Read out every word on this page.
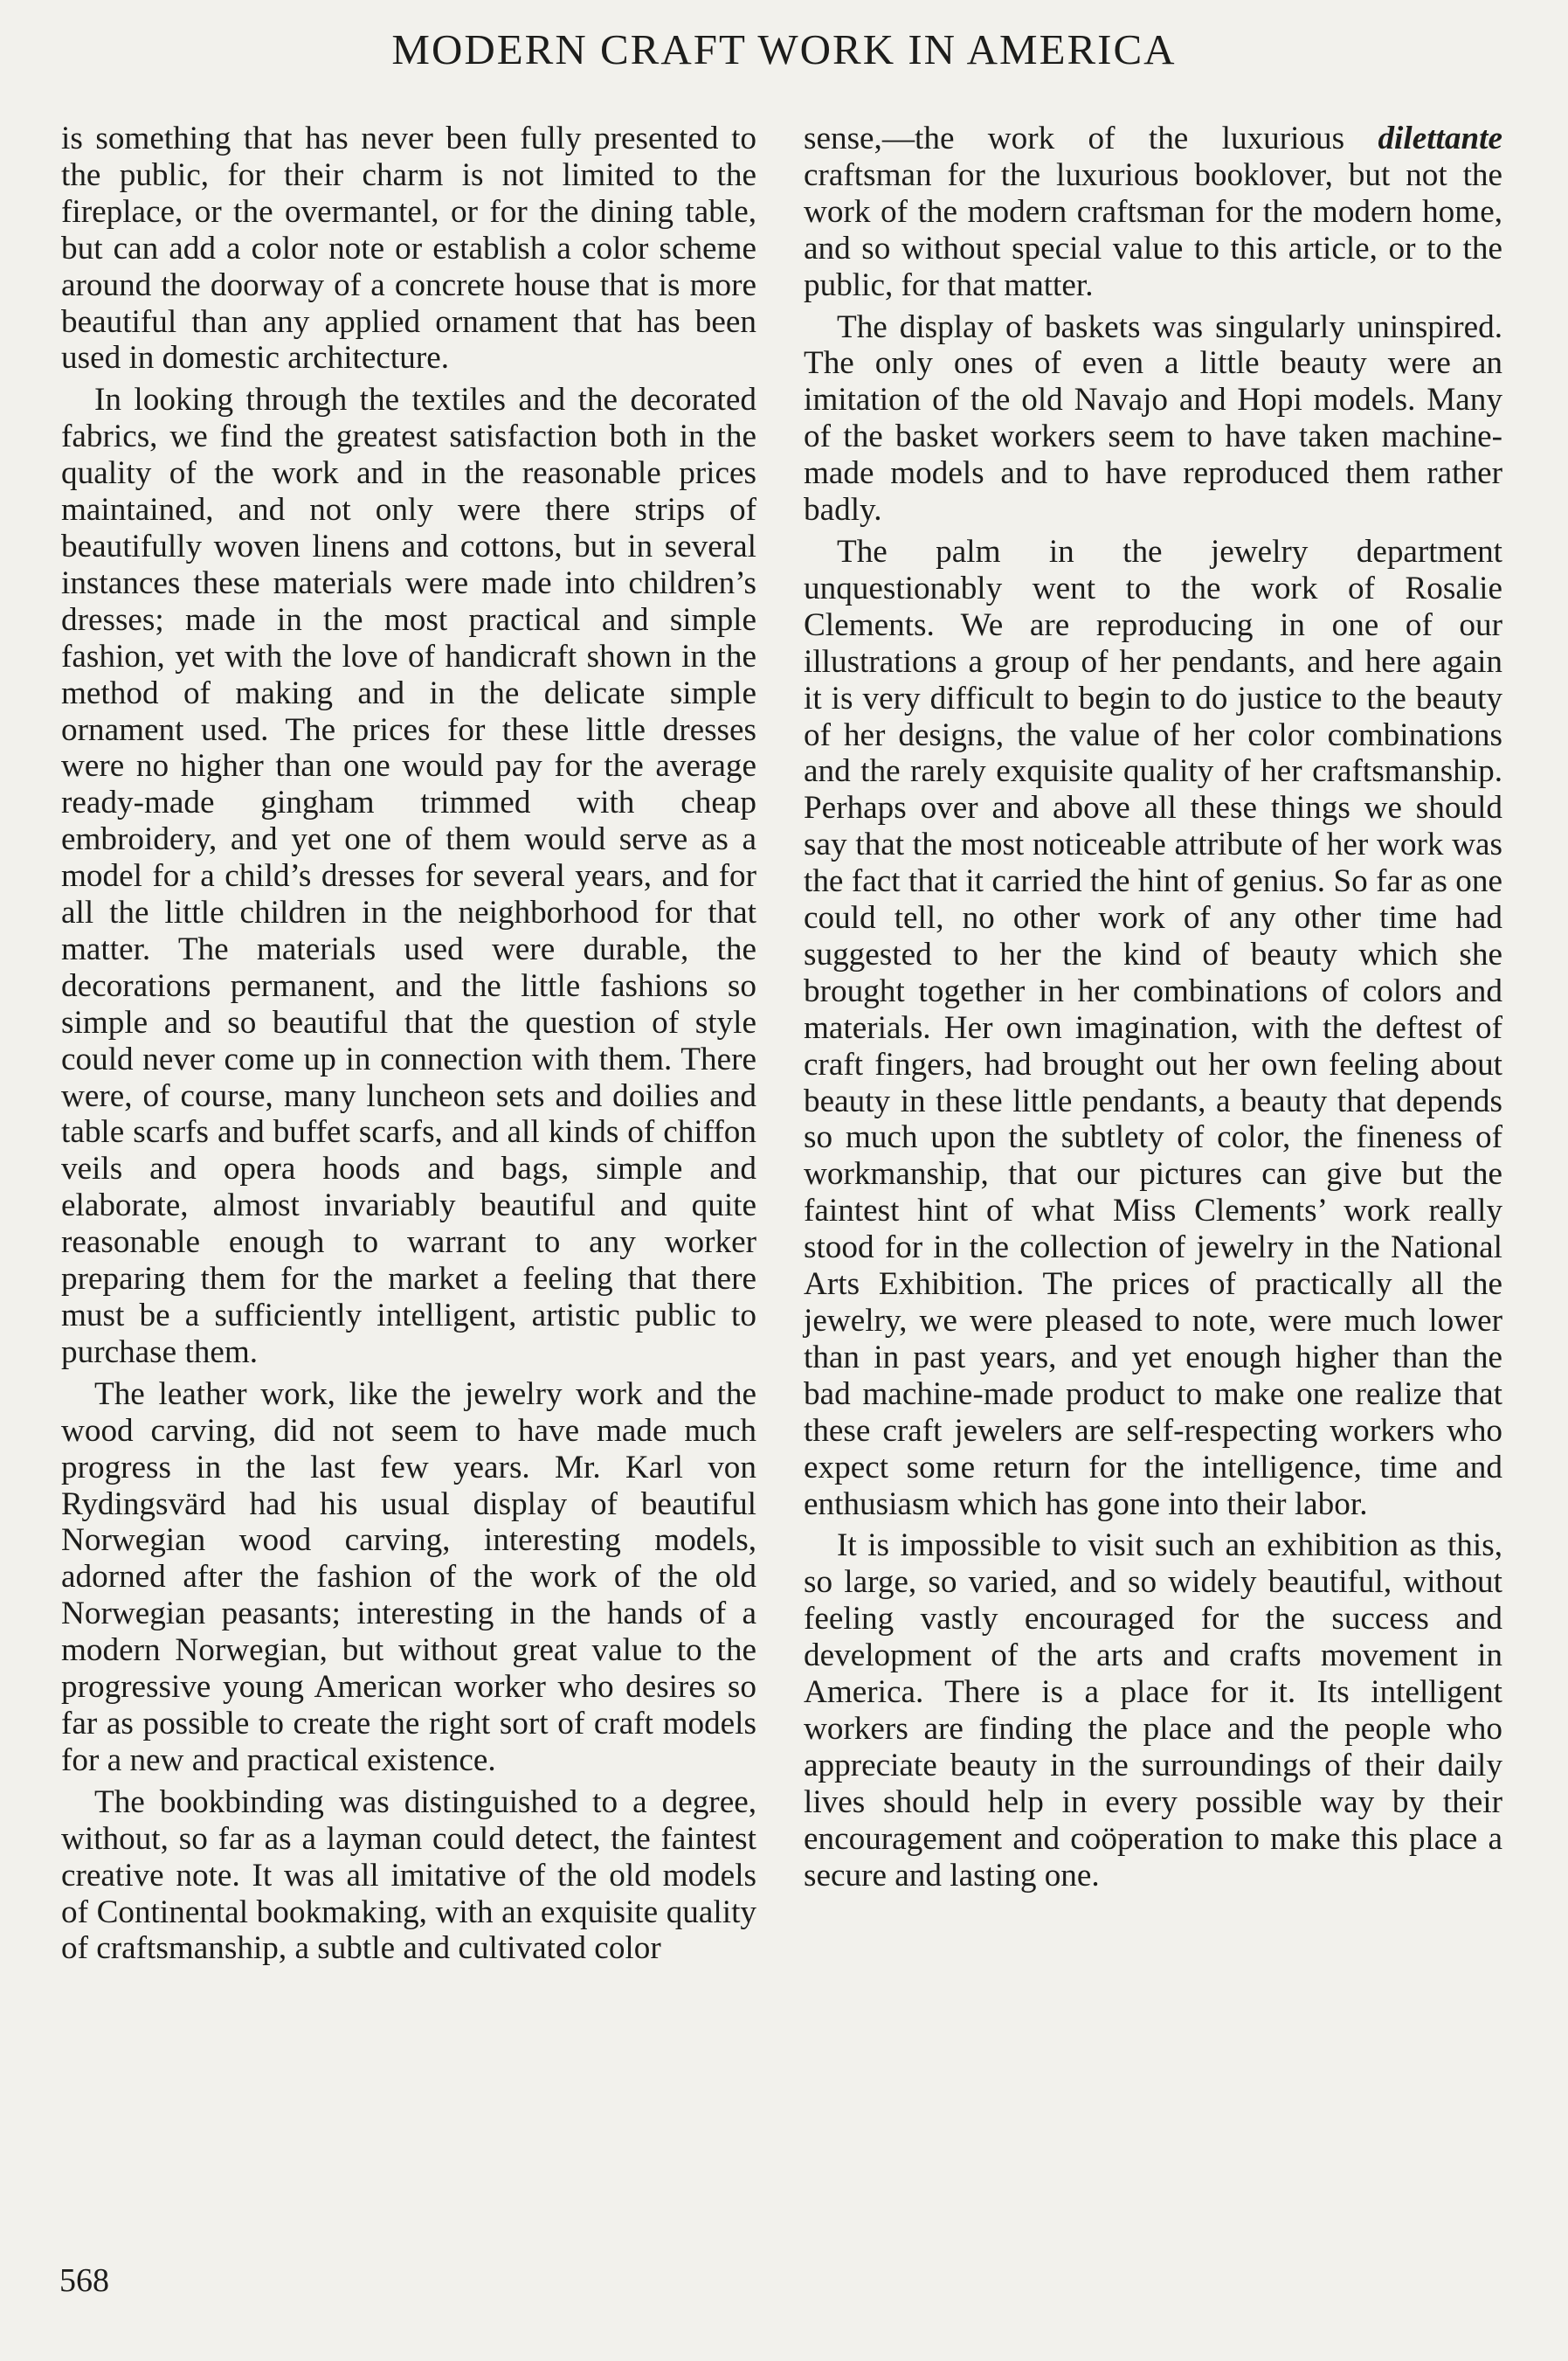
MODERN CRAFT WORK IN AMERICA

is something that has never been fully presented to the public, for their charm is not limited to the fireplace, or the overmantel, or for the dining table, but can add a color note or establish a color scheme around the doorway of a concrete house that is more beautiful than any applied ornament that has been used in domestic architecture.

In looking through the textiles and the decorated fabrics, we find the greatest satisfaction both in the quality of the work and in the reasonable prices maintained, and not only were there strips of beautifully woven linens and cottons, but in several instances these materials were made into children’s dresses; made in the most practical and simple fashion, yet with the love of handicraft shown in the method of making and in the delicate simple ornament used. The prices for these little dresses were no higher than one would pay for the average ready-made gingham trimmed with cheap embroidery, and yet one of them would serve as a model for a child’s dresses for several years, and for all the little children in the neighborhood for that matter. The materials used were durable, the decorations permanent, and the little fashions so simple and so beautiful that the question of style could never come up in connection with them. There were, of course, many luncheon sets and doilies and table scarfs and buffet scarfs, and all kinds of chiffon veils and opera hoods and bags, simple and elaborate, almost invariably beautiful and quite reasonable enough to warrant to any worker preparing them for the market a feeling that there must be a sufficiently intelligent, artistic public to purchase them.

The leather work, like the jewelry work and the wood carving, did not seem to have made much progress in the last few years. Mr. Karl von Rydingsvärd had his usual display of beautiful Norwegian wood carving, interesting models, adorned after the fashion of the work of the old Norwegian peasants; interesting in the hands of a modern Norwegian, but without great value to the progressive young American worker who desires so far as possible to create the right sort of craft models for a new and practical existence.

The bookbinding was distinguished to a degree, without, so far as a layman could detect, the faintest creative note. It was all imitative of the old models of Continental bookmaking, with an exquisite quality of craftsmanship, a subtle and cultivated color

sense,—the work of the luxurious dilettante craftsman for the luxurious booklover, but not the work of the modern craftsman for the modern home, and so without special value to this article, or to the public, for that matter.

The display of baskets was singularly uninspired. The only ones of even a little beauty were an imitation of the old Navajo and Hopi models. Many of the basket workers seem to have taken machine-made models and to have reproduced them rather badly.

The palm in the jewelry department unquestionably went to the work of Rosalie Clements. We are reproducing in one of our illustrations a group of her pendants, and here again it is very difficult to begin to do justice to the beauty of her designs, the value of her color combinations and the rarely exquisite quality of her craftsmanship. Perhaps over and above all these things we should say that the most noticeable attribute of her work was the fact that it carried the hint of genius. So far as one could tell, no other work of any other time had suggested to her the kind of beauty which she brought together in her combinations of colors and materials. Her own imagination, with the deftest of craft fingers, had brought out her own feeling about beauty in these little pendants, a beauty that depends so much upon the subtlety of color, the fineness of workmanship, that our pictures can give but the faintest hint of what Miss Clements’ work really stood for in the collection of jewelry in the National Arts Exhibition. The prices of practically all the jewelry, we were pleased to note, were much lower than in past years, and yet enough higher than the bad machine-made product to make one realize that these craft jewelers are self-respecting workers who expect some return for the intelligence, time and enthusiasm which has gone into their labor.

It is impossible to visit such an exhibition as this, so large, so varied, and so widely beautiful, without feeling vastly encouraged for the success and development of the arts and crafts movement in America. There is a place for it. Its intelligent workers are finding the place and the people who appreciate beauty in the surroundings of their daily lives should help in every possible way by their encouragement and coöperation to make this place a secure and lasting one.

568
